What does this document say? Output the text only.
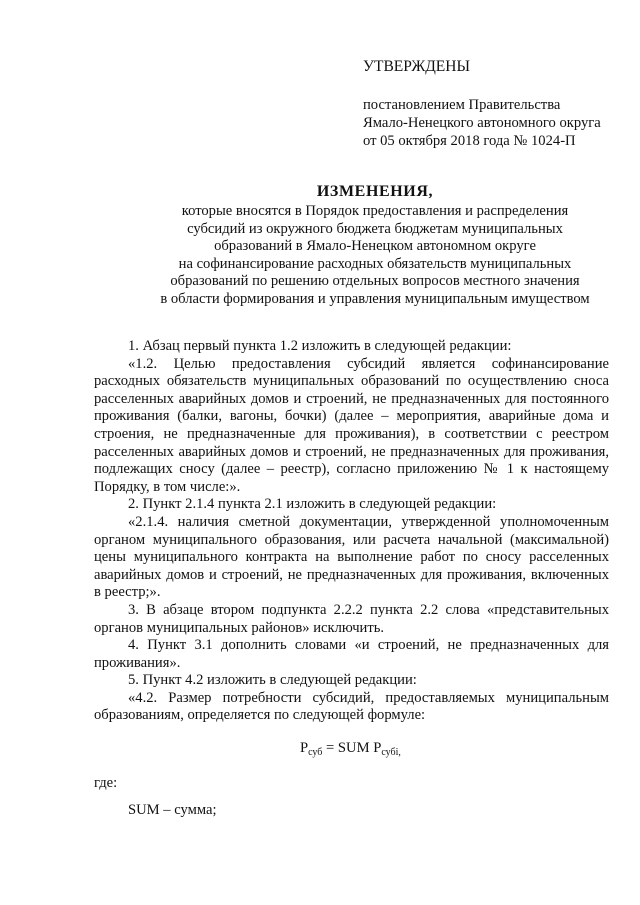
УТВЕРЖДЕНЫ
постановлением Правительства
Ямало-Ненецкого автономного округа
от 05 октября 2018 года № 1024-П
ИЗМЕНЕНИЯ,
которые вносятся в Порядок предоставления и распределения
субсидий из окружного бюджета бюджетам муниципальных
образований в Ямало-Ненецком автономном округе
на софинансирование расходных обязательств муниципальных
образований по решению отдельных вопросов местного значения
в области формирования и управления муниципальным имуществом

1. Абзац первый пункта 1.2 изложить в следующей редакции:

«1.2. Целью предоставления субсидий является софинансирование расходных обязательств муниципальных образований по осуществлению сноса расселенных аварийных домов и строений, не предназначенных для постоянного проживания (балки, вагоны, бочки) (далее – мероприятия, аварийные дома и строения, не предназначенные для проживания), в соответствии с реестром расселенных аварийных домов и строений, не предназначенных для проживания, подлежащих сносу (далее – реестр), согласно приложению № 1 к настоящему Порядку, в том числе:».

2. Пункт 2.1.4 пункта 2.1 изложить в следующей редакции:

«2.1.4. наличия сметной документации, утвержденной уполномоченным органом муниципального образования, или расчета начальной (максимальной) цены муниципального контракта на выполнение работ по сносу расселенных аварийных домов и строений, не предназначенных для проживания, включенных в реестр;».

3. В абзаце втором подпункта 2.2.2 пункта 2.2 слова «представительных органов муниципальных районов» исключить.

4. Пункт 3.1 дополнить словами «и строений, не предназначенных для проживания».

5. Пункт 4.2 изложить в следующей редакции:

«4.2. Размер потребности субсидий, предоставляемых муниципальным образованиям, определяется по следующей формуле:

$P_{суб}$ = SUM $P_{субi,}$
где:
SUM – сумма;
